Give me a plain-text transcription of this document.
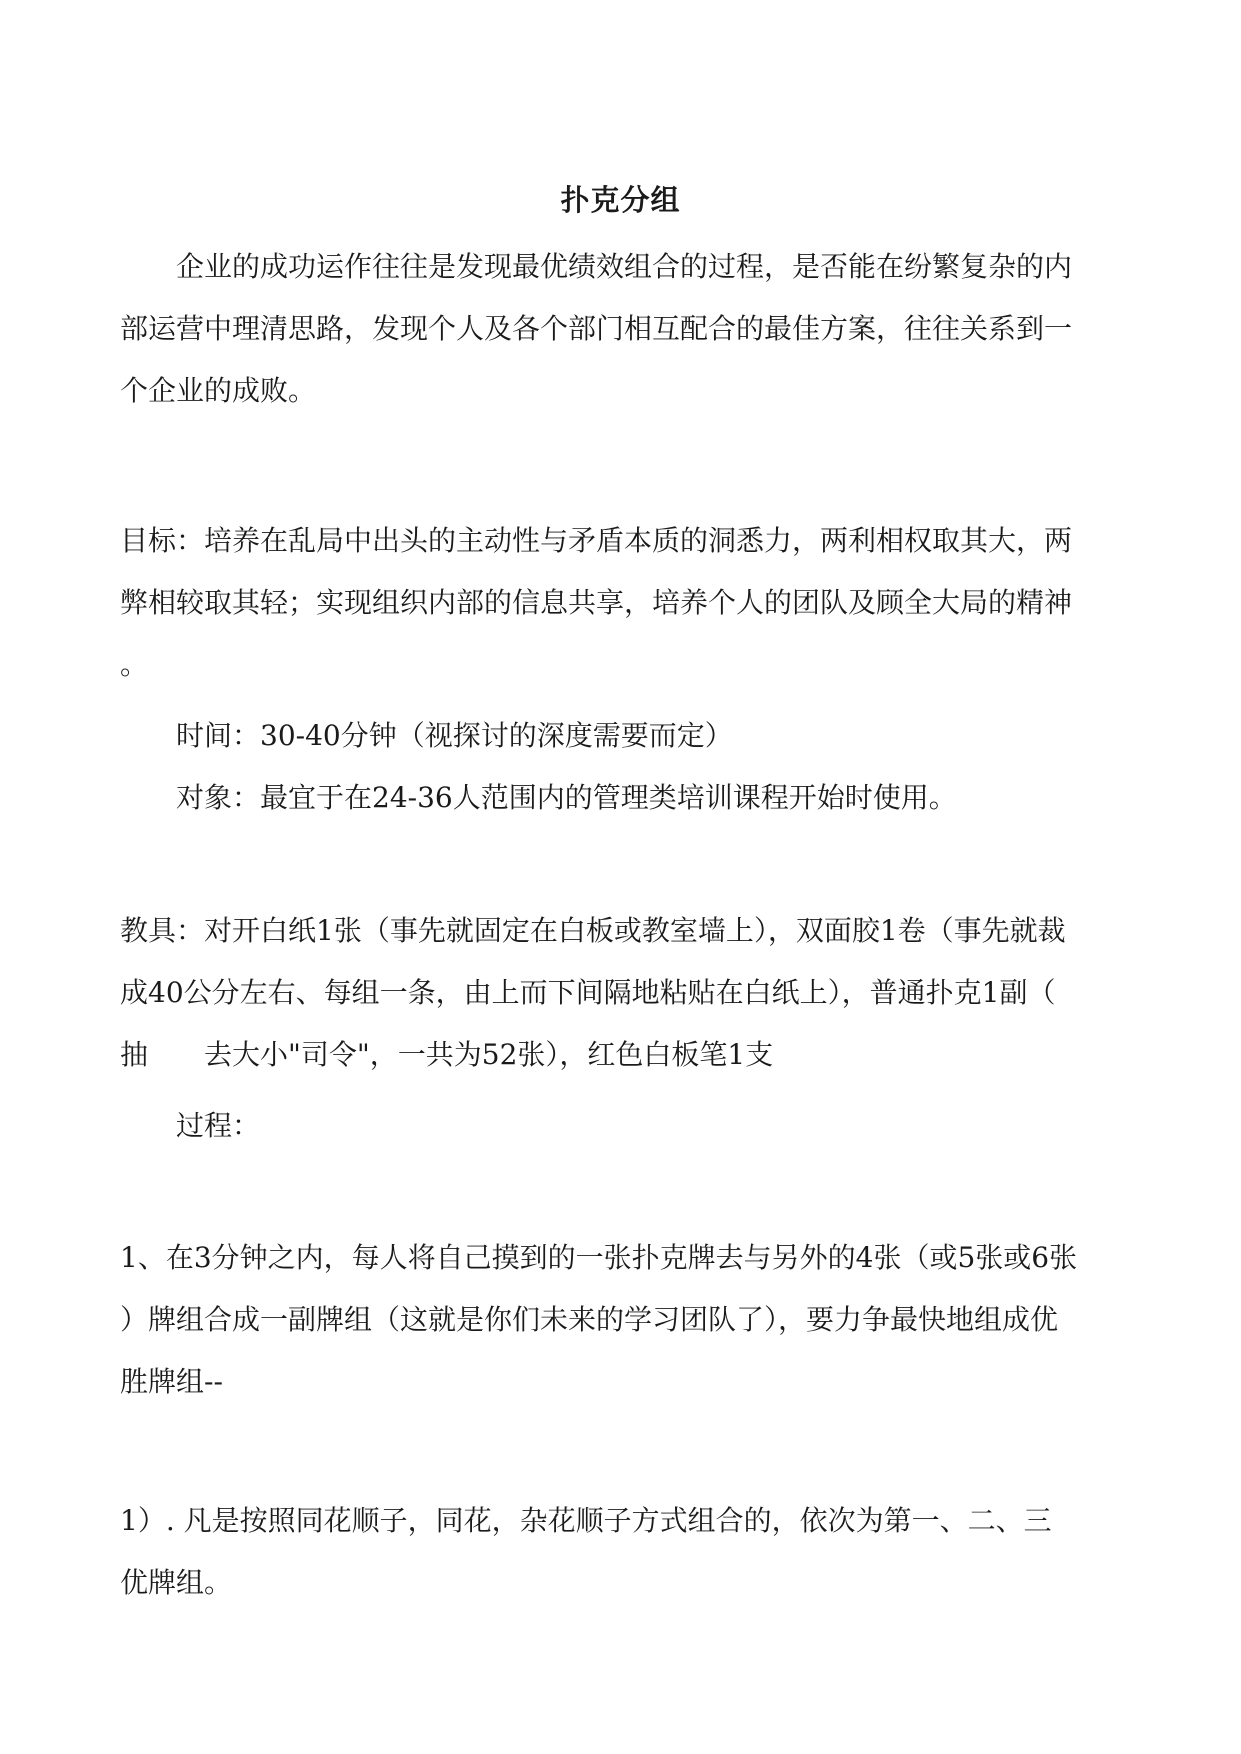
扑克分组
企业的成功运作往往是发现最优绩效组合的过程，是否能在纷繁复杂的内
部运营中理清思路，发现个人及各个部门相互配合的最佳方案，往往关系到一
个企业的成败。
目标：培养在乱局中出头的主动性与矛盾本质的洞悉力，两利相权取其大，两
弊相较取其轻；实现组织内部的信息共享，培养个人的团队及顾全大局的精神
。
时间：30-40分钟（视探讨的深度需要而定）
对象：最宜于在24-36人范围内的管理类培训课程开始时使用。
教具：对开白纸1张（事先就固定在白板或教室墙上），双面胶1卷（事先就裁
成40公分左右、每组一条，由上而下间隔地粘贴在白纸上），普通扑克1副（
抽 去大小"司令"，一共为52张），红色白板笔1支
过程：
1、在3分钟之内，每人将自己摸到的一张扑克牌去与另外的4张（或5张或6张
）牌组合成一副牌组（这就是你们未来的学习团队了），要力争最快地组成优
胜牌组--
1）. 凡是按照同花顺子，同花，杂花顺子方式组合的，依次为第一、二、三
优牌组。
